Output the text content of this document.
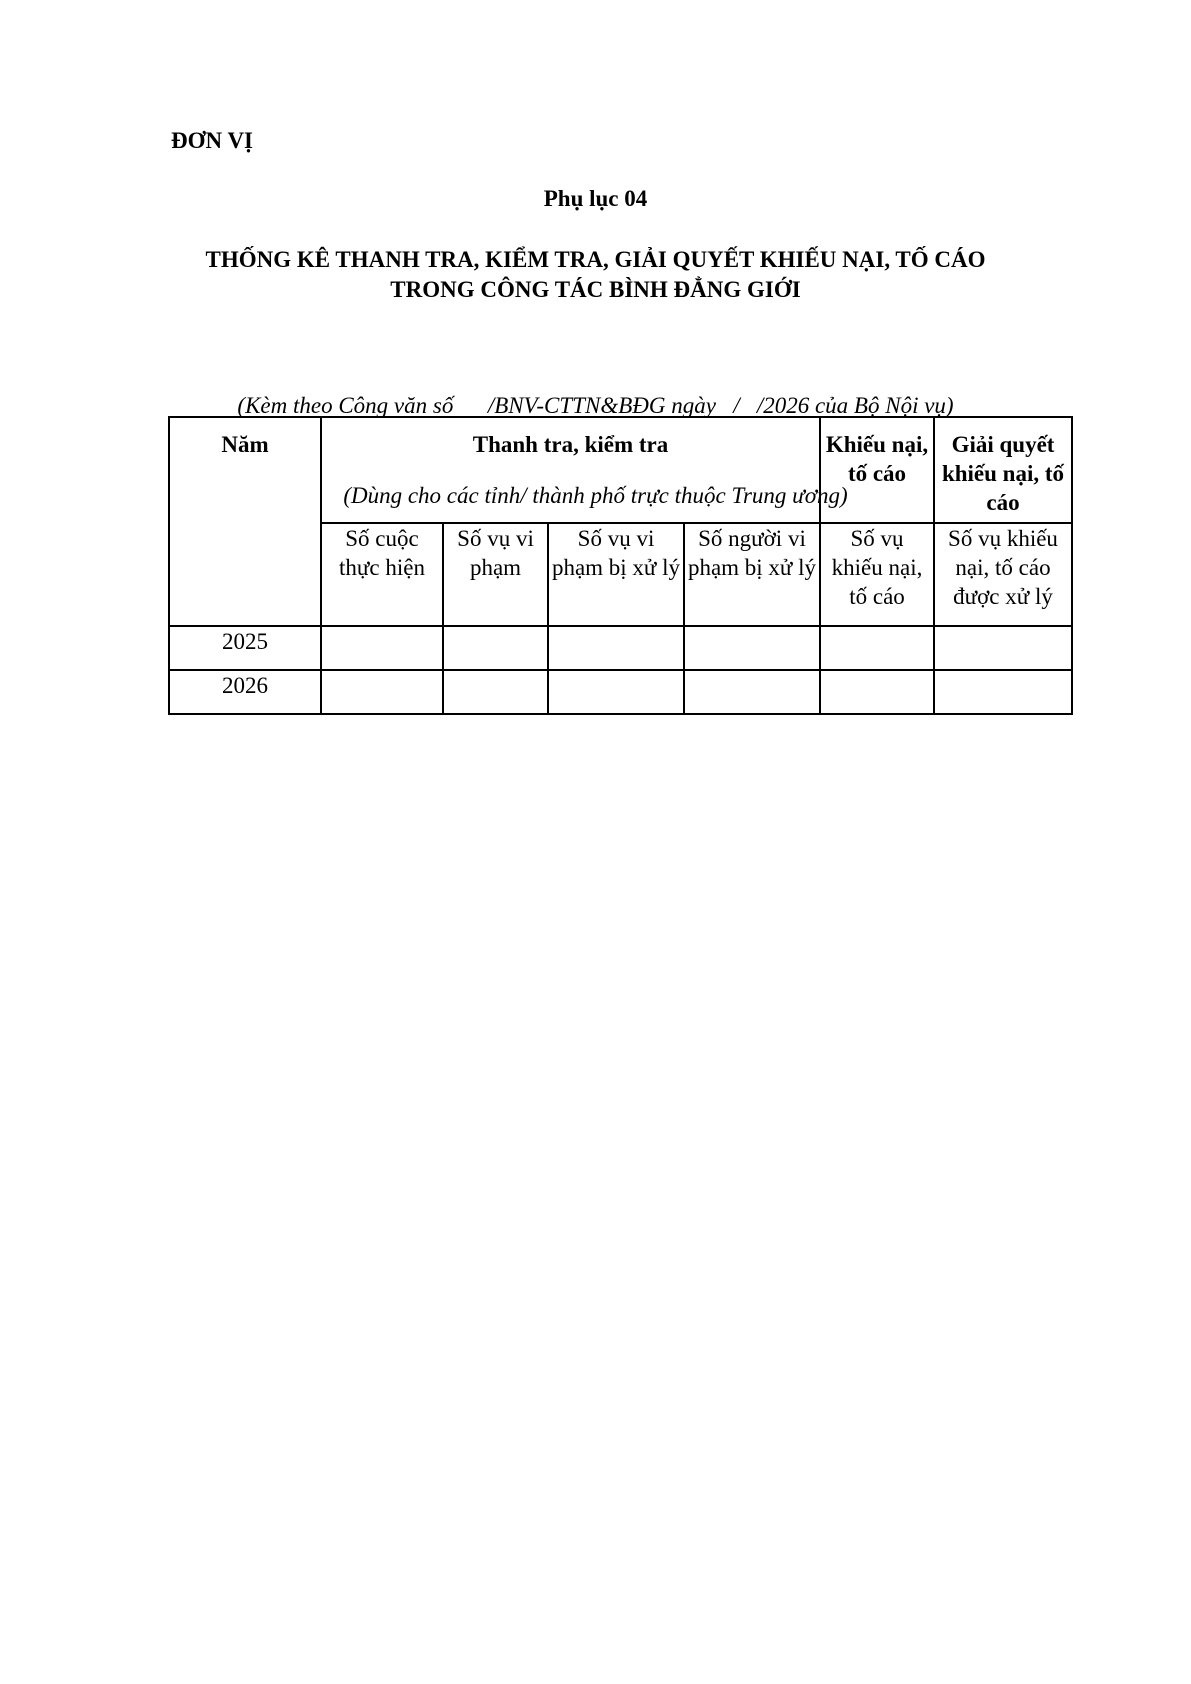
ĐƠN VỊ
Phụ lục 04
THỐNG KÊ THANH TRA, KIỂM TRA, GIẢI QUYẾT KHIẾU NẠI, TỐ CÁO
TRONG CÔNG TÁC BÌNH ĐẲNG GIỚI

(Kèm theo Công văn số      /BNV-CTTN&BĐG ngày   /   /2026 của Bộ Nội vụ)

(Dùng cho các tỉnh/ thành phố trực thuộc Trung ương)

Năm	Thanh tra, kiểm tra				Khiếu nại, tố cáo	Giải quyết khiếu nại, tố cáo
	Số cuộc thực hiện	Số vụ vi phạm	Số vụ vi phạm bị xử lý	Số người vi phạm bị xử lý	Số vụ khiếu nại, tố cáo	Số vụ khiếu nại, tố cáo được xử lý
2025						
2026						
